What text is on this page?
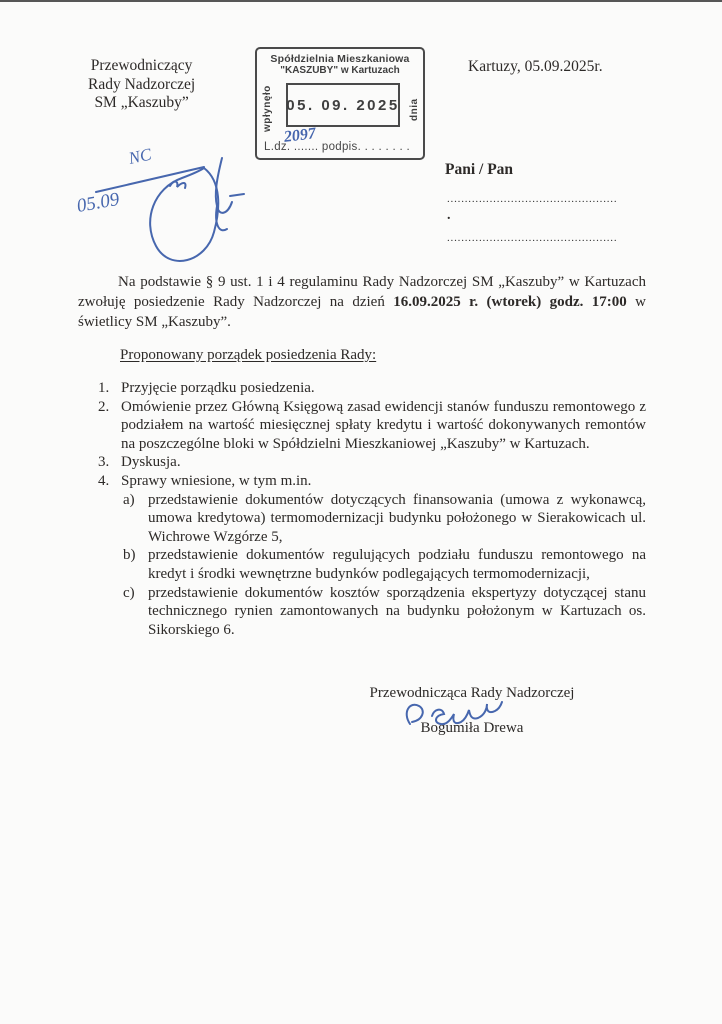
Przewodniczący
Rady Nadzorczej
SM „Kaszuby”
Spółdzielnia Mieszkaniowa
"KASZUBY" w Kartuzach
wpłynęło	dnia
05. 09. 2025
L.dz. ....... podpis. . . . . . . .
2097
Kartuzy, 05.09.2025r.
NC
05.09
Pani / Pan
................................................
.
................................................

Na podstawie § 9 ust. 1 i 4 regulaminu Rady Nadzorczej SM „Kaszuby” w Kartuzach zwołuję posiedzenie Rady Nadzorczej na dzień 16.09.2025 r. (wtorek) godz. 17:00 w świetlicy SM „Kaszuby”.

Proponowany porządek posiedzenia Rady:
1. Przyjęcie porządku posiedzenia.
2. Omówienie przez Główną Księgową zasad ewidencji stanów funduszu remontowego z podziałem na wartość miesięcznej spłaty kredytu i wartość dokonywanych remontów na poszczególne bloki w Spółdzielni Mieszkaniowej „Kaszuby” w Kartuzach.
3. Dyskusja.
4. Sprawy wniesione, w tym m.in.
a) przedstawienie dokumentów dotyczących finansowania (umowa z wykonawcą, umowa kredytowa) termomodernizacji budynku położonego w Sierakowicach ul. Wichrowe Wzgórze 5,
b) przedstawienie dokumentów regulujących podziału funduszu remontowego na kredyt i środki wewnętrzne budynków podlegających termomodernizacji,
c) przedstawienie dokumentów kosztów sporządzenia ekspertyzy dotyczącej stanu technicznego rynien zamontowanych na budynku położonym w Kartuzach os. Sikorskiego 6.
Przewodnicząca Rady Nadzorczej
Bogumiła Drewa
